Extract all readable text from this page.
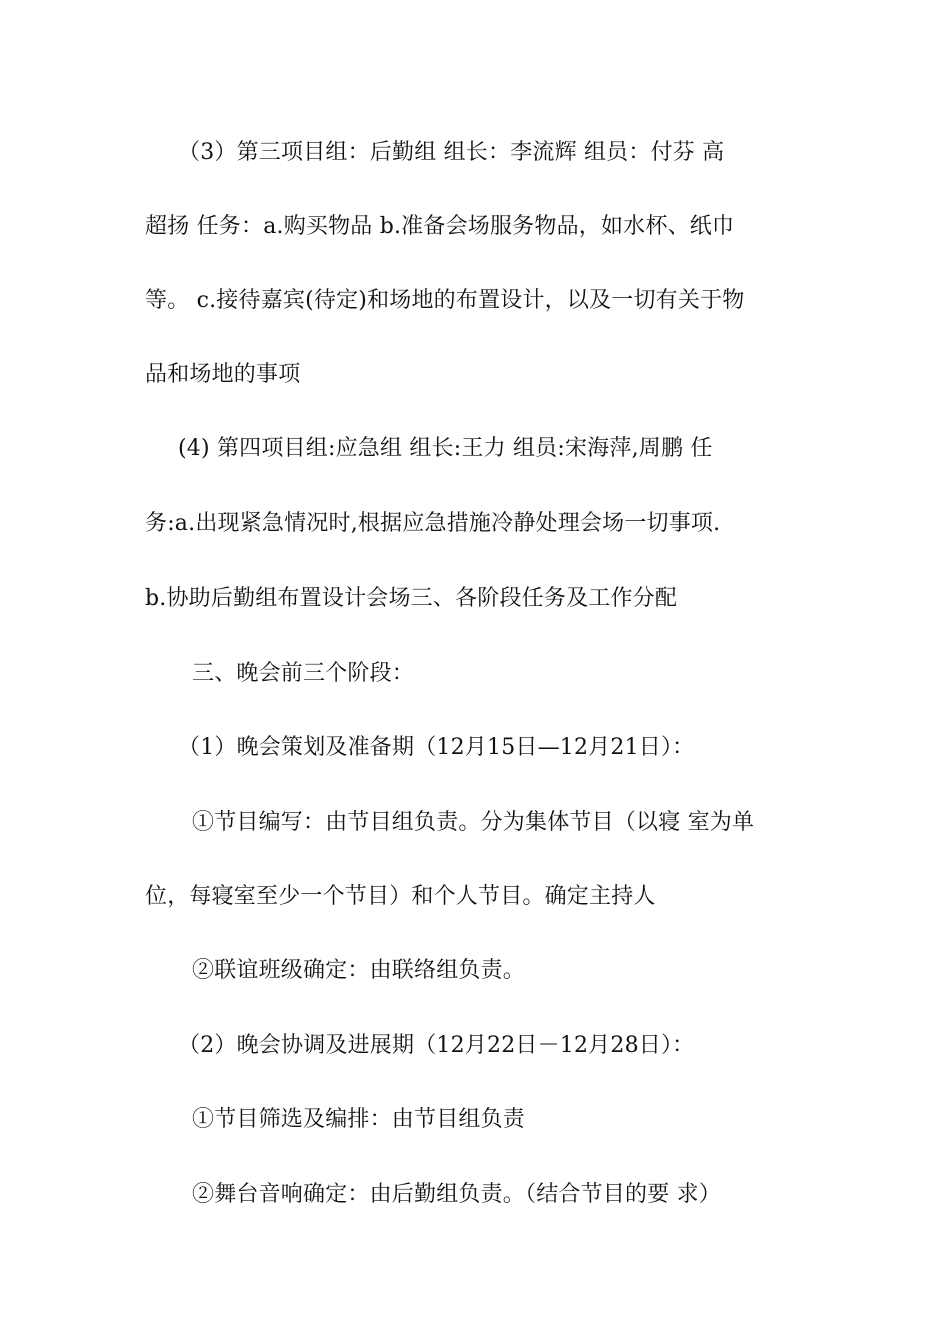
（3）第三项目组：后勤组 组长：李流辉 组员：付芬 高
超扬 任务：a.购买物品 b.准备会场服务物品，如水杯、纸巾
等。 c.接待嘉宾(待定)和场地的布置设计，以及一切有关于物
品和场地的事项
(4) 第四项目组:应急组 组长:王力 组员:宋海萍,周鹏 任
务:a.出现紧急情况时,根据应急措施冷静处理会场一切事项.
b.协助后勤组布置设计会场三、各阶段任务及工作分配
三、晚会前三个阶段：
（1）晚会策划及准备期（12月15日—12月21日）：
①节目编写：由节目组负责。分为集体节目（以寝 室为单
位，每寝室至少一个节目）和个人节目。确定主持人
②联谊班级确定：由联络组负责。
（2）晚会协调及进展期（12月22日－12月28日）：
①节目筛选及编排：由节目组负责
②舞台音响确定：由后勤组负责。（结合节目的要 求）
